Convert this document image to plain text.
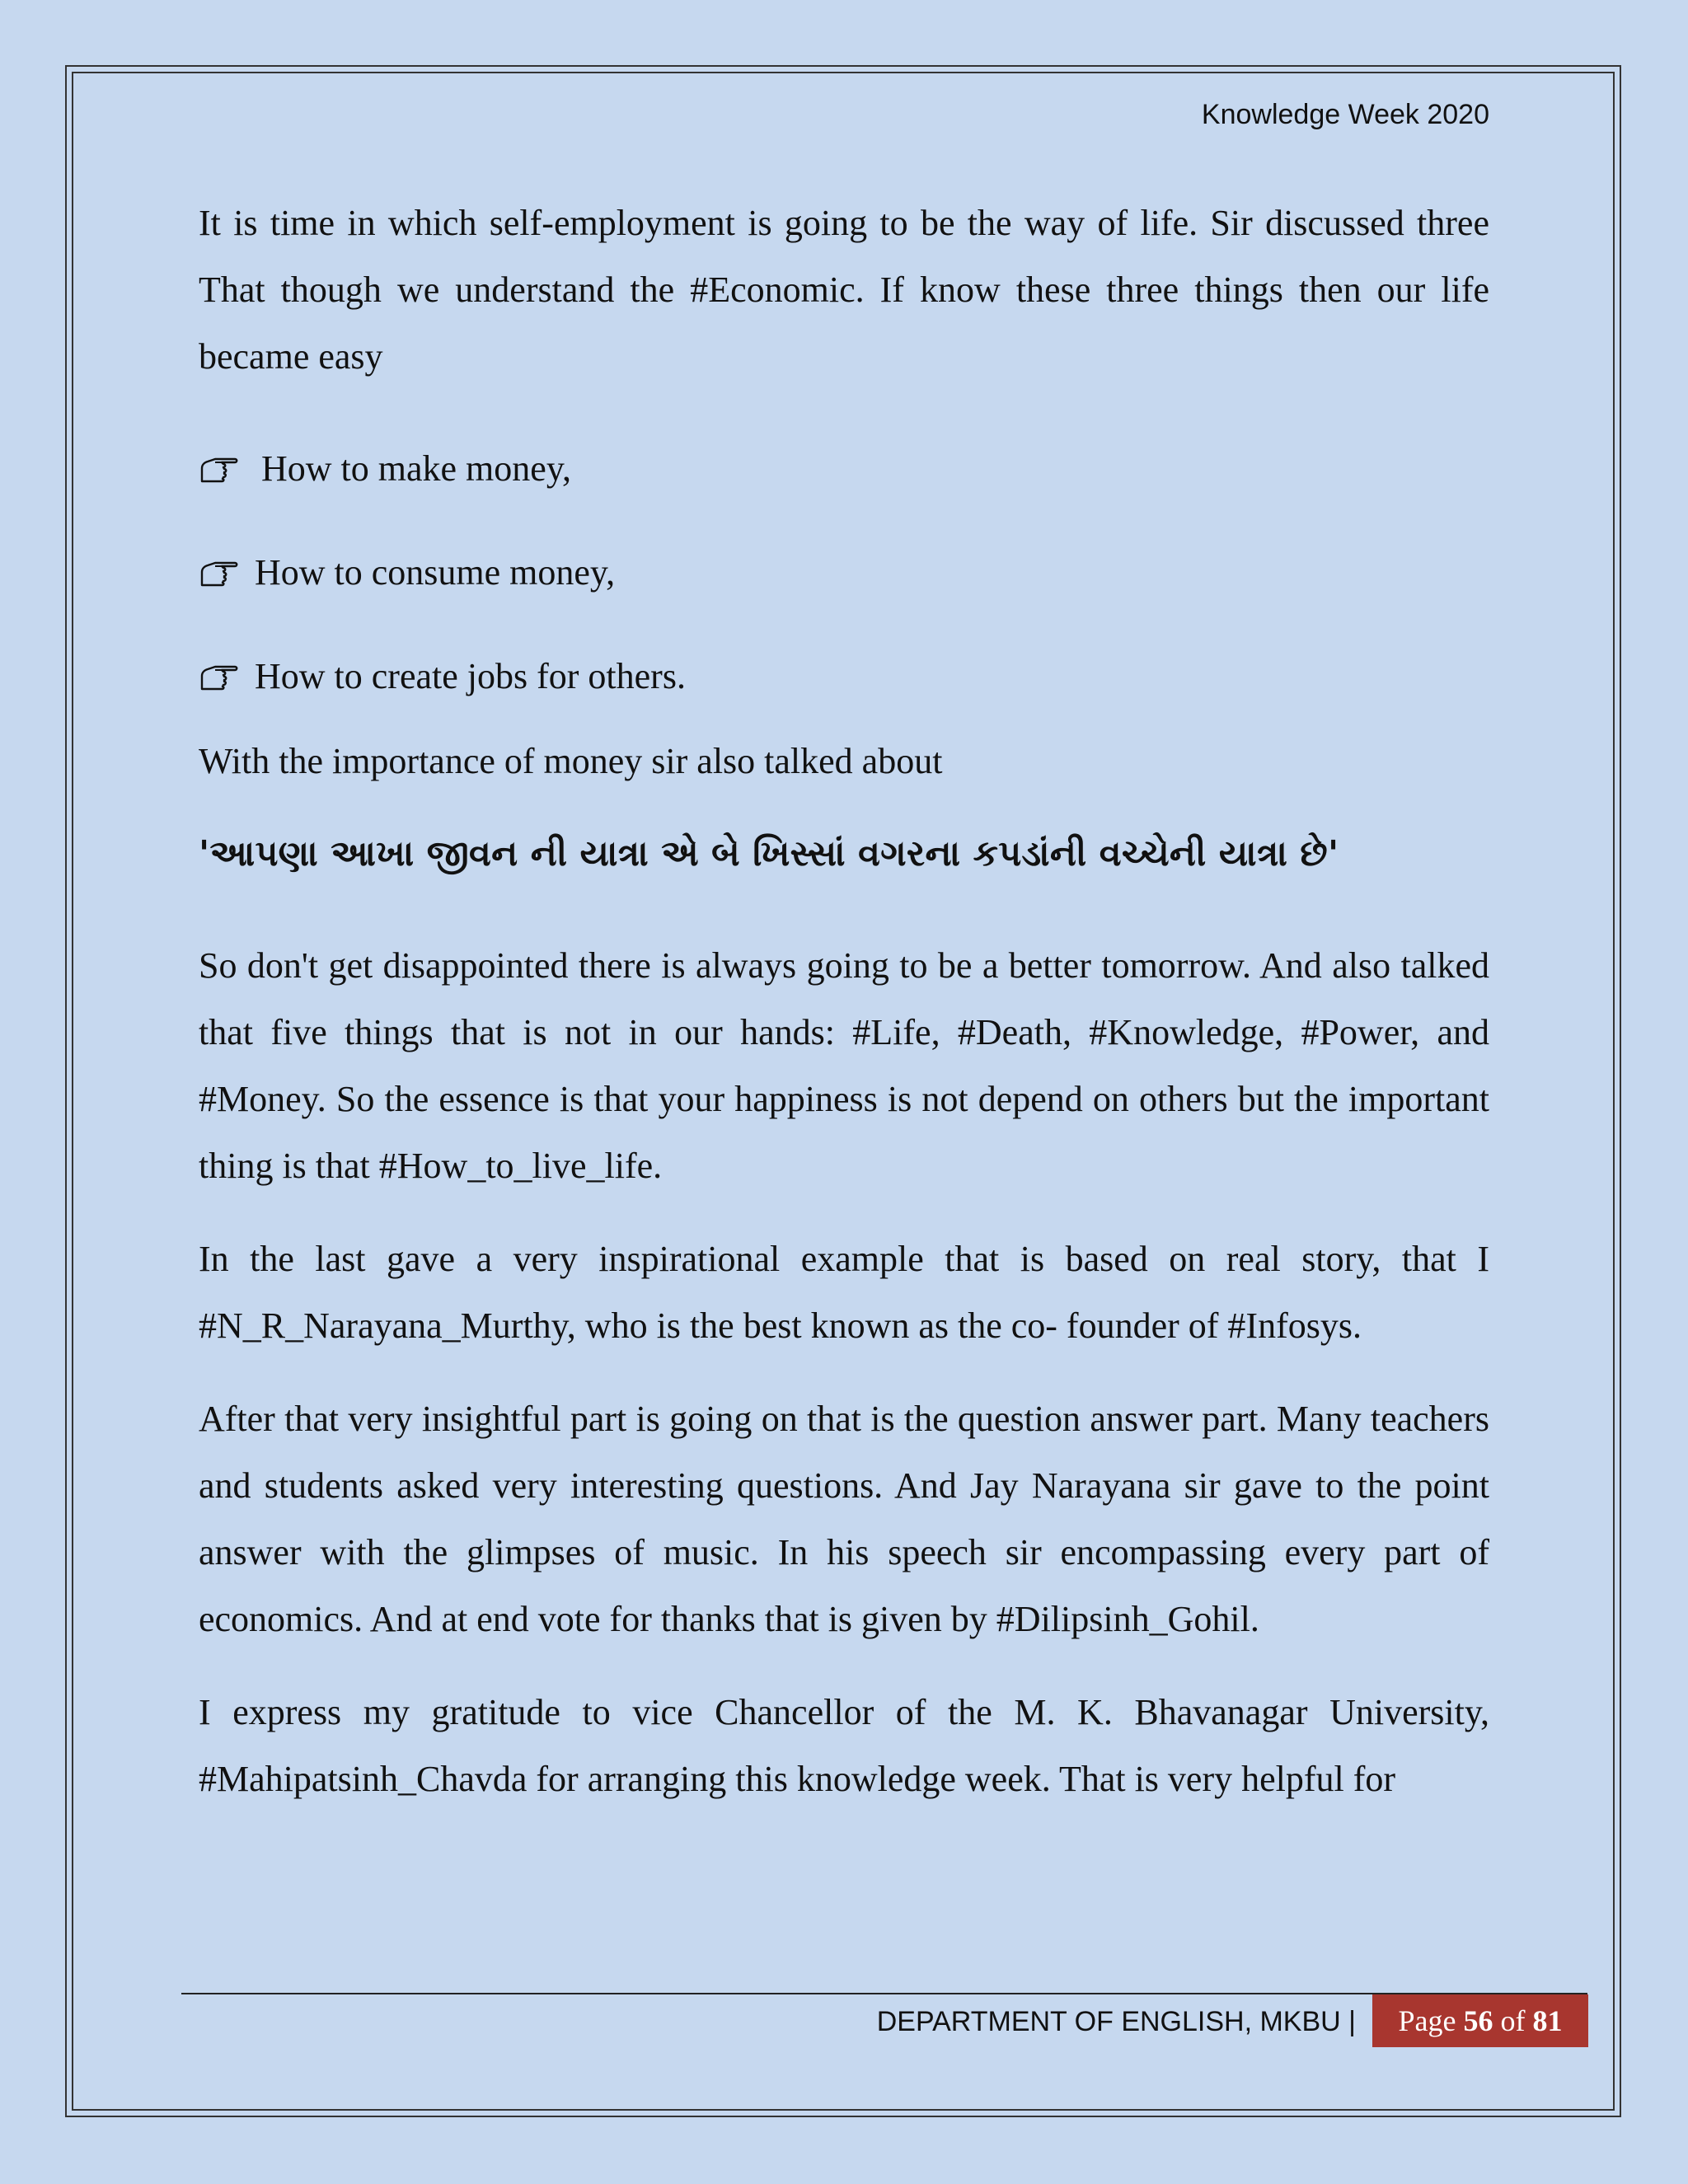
Knowledge Week 2020

It is time in which self-employment is going to be the way of life. Sir discussed three That though we understand the #Economic. If know these three things then our life became easy

How to make money,
How to consume money,
How to create jobs for others.

With the importance of money sir also talked about

'આપણા આખા જીવન ની યાત્રા એ બે ખિસ્સાં વગરના કપડાંની વચ્ચેની યાત્રા છે'

So don't get disappointed there is always going to be a better tomorrow. And also talked that five things that is not in our hands: #Life, #Death, #Knowledge, #Power, and #Money. So the essence is that your happiness is not depend on others but the important thing is that #How_to_live_life.

In the last gave a very inspirational example that is based on real story, that I #N_R_Narayana_Murthy, who is the best known as the co- founder of #Infosys.

After that very insightful part is going on that is the question answer part. Many teachers and students asked very interesting questions. And Jay Narayana sir gave to the point answer with the glimpses of music. In his speech sir encompassing every part of economics. And at end vote for thanks that is given by #Dilipsinh_Gohil.

I express my gratitude to vice Chancellor of the M. K. Bhavanagar University, #Mahipatsinh_Chavda for arranging this knowledge week. That is very helpful for

DEPARTMENT OF ENGLISH, MKBU | Page
56
of
81
